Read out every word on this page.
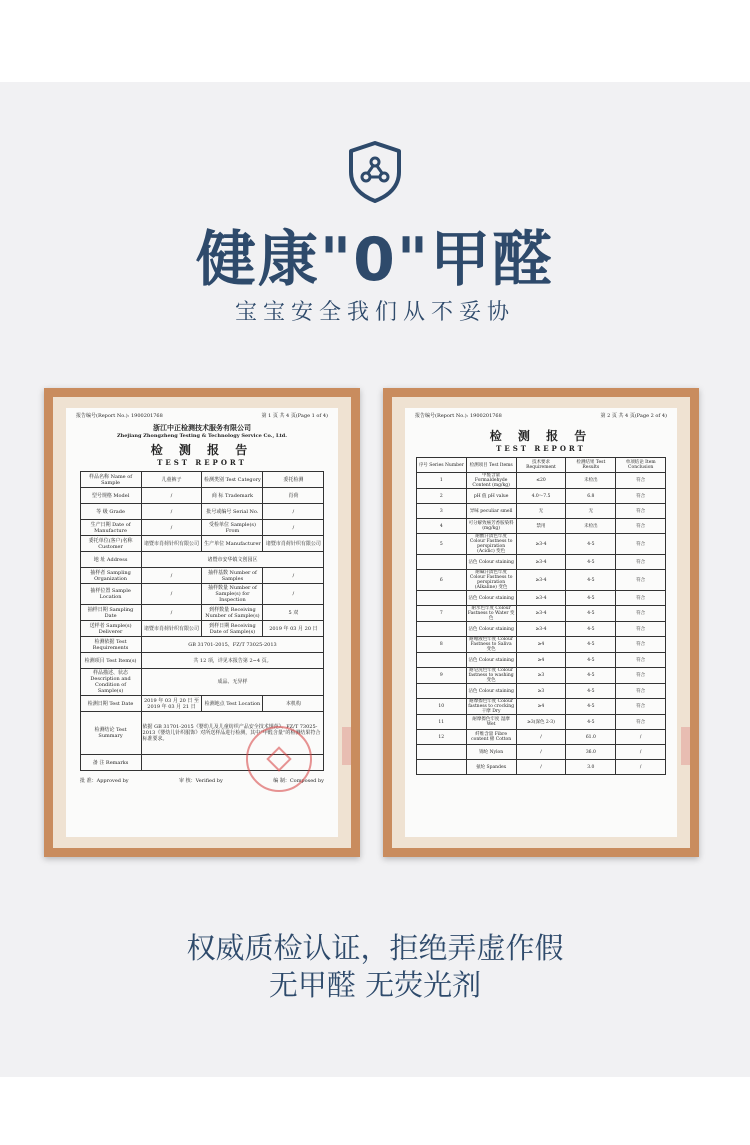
健康"0"甲醛
宝宝安全我们从不妥协
报告编号(Report No.): 1900201768	第 1 页 共 4 页(Page 1 of 4)
浙江中正检测技术服务有限公司
Zhejiang Zhongzheng Testing & Technology Service Co., Ltd.
检 测 报 告
TEST REPORT
样品名称 Name of Sample	儿童裤子	检测类别 Test Category	委托检测
型号规格 Model	/	商 标 Trademark	肖荷
等 级 Grade	/	批号或编号 Serial No.	/
生产日期 Date of Manufacture	/	受检单位 Sample(s) From	/
委托单位(客户)名称 Customer	诸暨市肖荷针织有限公司	生产单位 Manufacturer	诸暨市肖荷针织有限公司
地 址 Address	诸暨市安华镇文创园区		
抽样者 Sampling Organization	/	抽样基数 Number of Samples	/
抽样位置 Sample Location	/	抽样数量 Number of Sample(s) for Inspection	/
抽样日期 Sampling Date	/	到样数量 Receiving Number of Sample(s)	5 双
送样者 Sample(s) Deliverer	诸暨市肖荷针织有限公司	到样日期 Receiving Date of Sample(s)	2019 年 03 月 20 日
检测依据 Test Requirements	GB 31701-2015、FZ/T 73025-2013		
检测项目 Test Item(s)	共 12 项，详见本报告第 2~4 页。		
样品描述、状态 Description and Condition of Sample(s)	成品、无异样		
检测日期 Test Date	2019 年 03 月 20 日 至 2019 年 03 月 21 日	检测地点 Test Location	本机构
检测结论 Test Summary	依据 GB 31701-2015《婴幼儿及儿童纺织产品安全技术规范》、FZ/T 73025-2013《婴幼儿针织服饰》对所送样品进行检测，其中“甲醛含量”的检测结果符合标准要求。		
备 注 Remarks			
批 准：Approved by	审 核：Verified by	编 制：Composed by
报告编号(Report No.): 1900201768	第 2 页 共 4 页(Page 2 of 4)
检 测 报 告
TEST REPORT
序号 Series Number	检测项目 Test Items	技术要求 Requirement	检测结果 Test Results	单项结论 Item Conclusion
1	甲醛含量 Formaldehyde Content (mg/kg)	≤20	未检出	符合
2	pH 值 pH value	4.0～7.5	6.8	符合
3	异味 peculiar smell	无	无	符合
4	可分解致癌芳香胺染料 (mg/kg)	禁用	未检出	符合
5	耐酸汗渍色牢度 Colour Fastness to perspiration (Acidic) 变色	≥3-4	4-5	符合
	沾色 Colour staining	≥3-4	4-5	符合
6	耐碱汗渍色牢度 Colour Fastness to perspiration (Alkaline) 变色	≥3-4	4-5	符合
	沾色 Colour staining	≥3-4	4-5	符合
7	耐水色牢度 Colour Fastness to Water 变色	≥3-4	4-5	符合
	沾色 Colour staining	≥3-4	4-5	符合
8	耐唾液色牢度 Colour Fastness to Saliva 变色	≥4	4-5	符合
	沾色 Colour staining	≥4	4-5	符合
9	耐皂洗色牢度 Colour fastness to washing 变色	≥3	4-5	符合
	沾色 Colour staining	≥3	4-5	符合
10	耐摩擦色牢度 Colour fastness to crocking 干摩 Dry	≥4	4-5	符合
11	耐摩擦色牢度 湿摩 Wet	≥3(深色 2-3)	4-5	符合
12	纤维含量 Fibre content 棉 Cotton	/	61.0	/
	锦纶 Nylon	/	36.0	/
	氨纶 Spandex	/	3.0	/
权威质检认证，拒绝弄虚作假
无甲醛 无荧光剂
